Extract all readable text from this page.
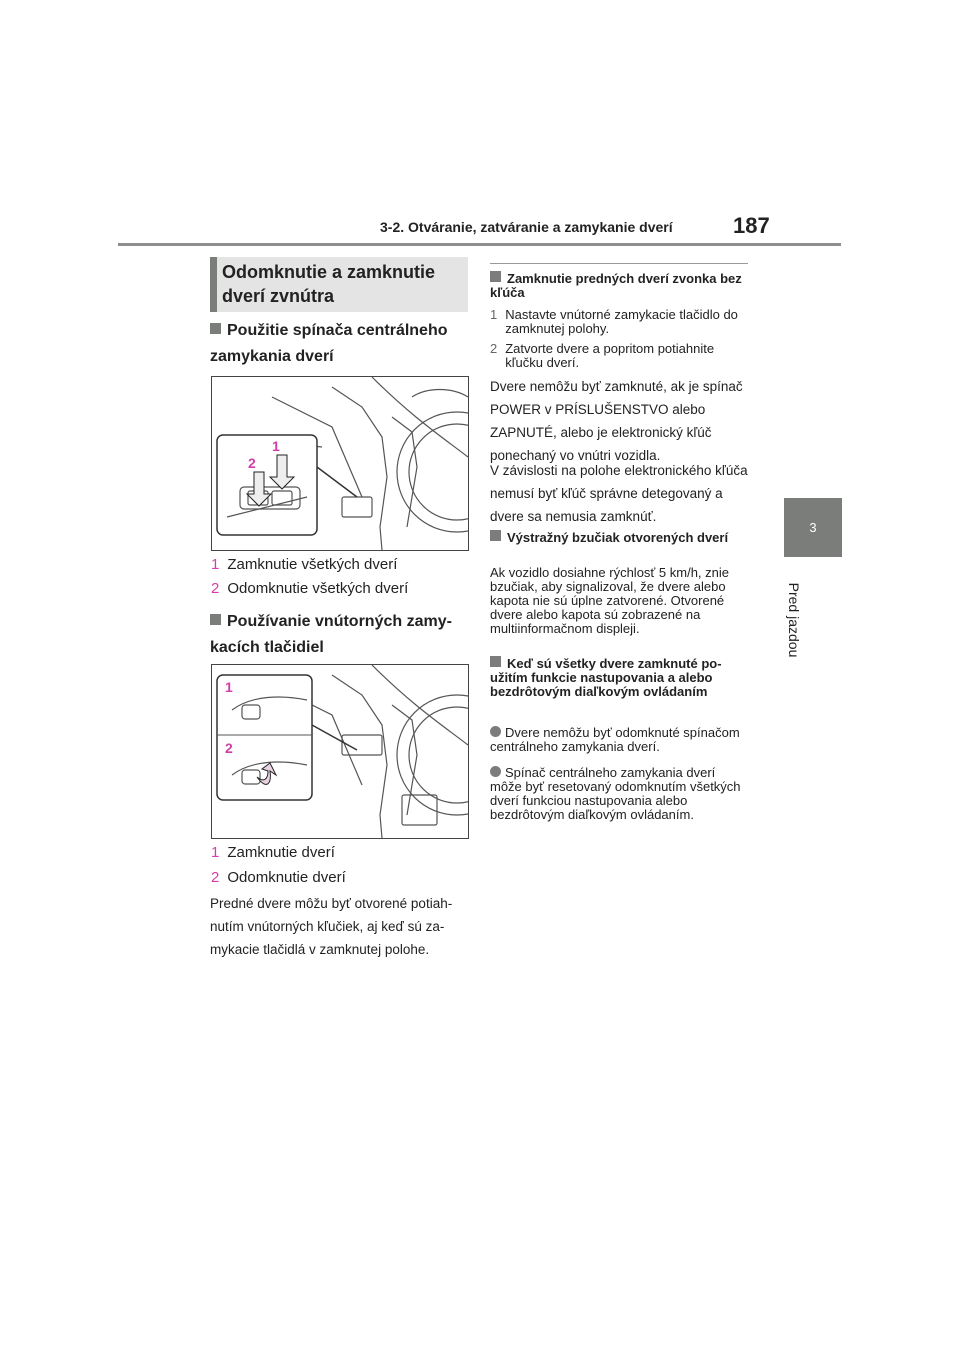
3-2. Otváranie, zatváranie a zamykanie dverí	187
3
Pred jazdou
Odomknutie a zamknutie dverí zvnútra
Použitie spínača centrálneho zamykania dverí
1
2
1 Zamknutie všetkých dverí
2 Odomknutie všetkých dverí
Používanie vnútorných zamykacích tlačidiel
1
2
1 Zamknutie dverí
2 Odomknutie dverí
Predné dvere môžu byť otvorené potiahnutím vnútorných kľučiek, aj keď sú zamykacie tlačidlá v zamknutej polohe.
Zamknutie predných dverí zvonka bez kľúča
1 Nastavte vnútorné zamykacie tlačidlo do zamknutej polohy.
2 Zatvorte dvere a popritom potiahnite kľučku dverí.
Dvere nemôžu byť zamknuté, ak je spínač POWER v PRÍSLUŠENSTVO alebo ZAPNUTÉ, alebo je elektronický kľúč ponechaný vo vnútri vozidla.
V závislosti na polohe elektronického kľúča nemusí byť kľúč správne detegovaný a dvere sa nemusia zamknúť.
Výstražný bzučiak otvorených dverí
Ak vozidlo dosiahne rýchlosť 5 km/h, znie bzučiak, aby signalizoval, že dvere alebo kapota nie sú úplne zatvorené. Otvorené dvere alebo kapota sú zobrazené na multiinformačnom displeji.
Keď sú všetky dvere zamknuté použitím funkcie nastupovania a alebo bezdrôtovým diaľkovým ovládaním
Dvere nemôžu byť odomknuté spínačom centrálneho zamykania dverí.
Spínač centrálneho zamykania dverí môže byť resetovaný odomknutím všetkých dverí funkciou nastupovania alebo bezdrôtovým diaľkovým ovládaním.
